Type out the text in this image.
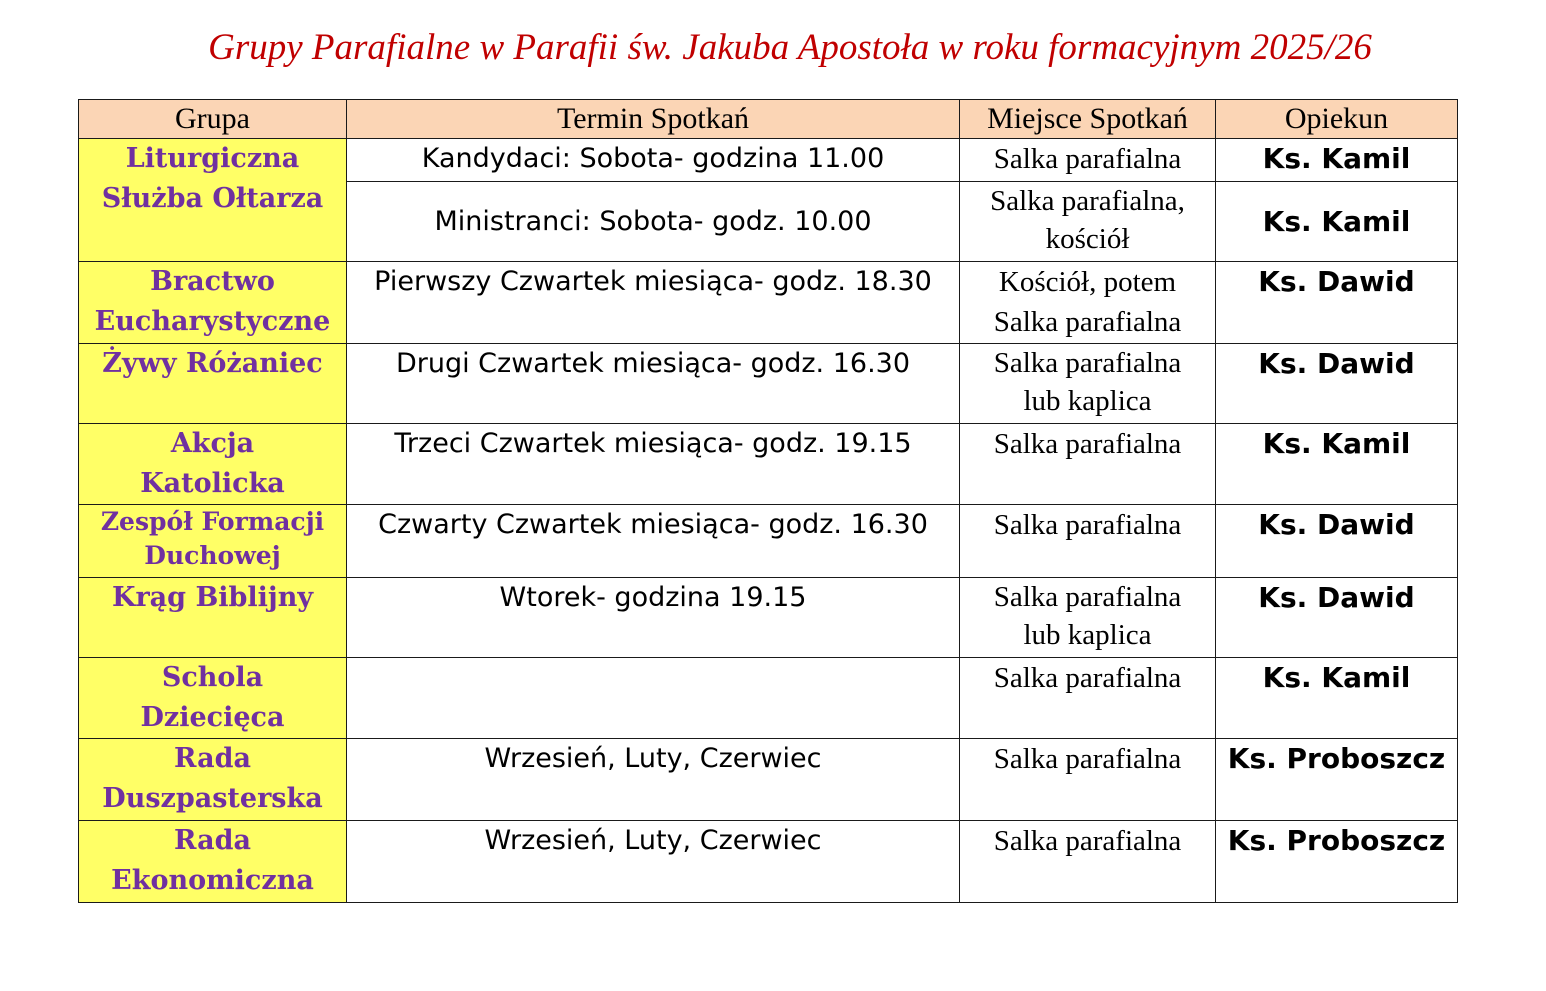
Grupy Parafialne w Parafii św. Jakuba Apostoła w roku formacyjnym 2025/26
Grupa	Termin Spotkań	Miejsce Spotkań	Opiekun

Liturgiczna Służba Ołtarza	Kandydaci: Sobota- godzina 11.00	Salka parafialna	Ks. Kamil

	Ministranci: Sobota- godz. 10.00	Salka parafialna, kościół	Ks. Kamil

Bractwo Eucharystyczne	Pierwszy Czwartek miesiąca- godz. 18.30	Kościół, potem Salka parafialna	Ks. Dawid

Żywy Różaniec	Drugi Czwartek miesiąca- godz. 16.30	Salka parafialna lub kaplica	Ks. Dawid

Akcja Katolicka	Trzeci Czwartek miesiąca- godz. 19.15	Salka parafialna	Ks. Kamil

Zespół Formacji Duchowej	Czwarty Czwartek miesiąca- godz. 16.30	Salka parafialna	Ks. Dawid

Krąg Biblijny	Wtorek- godzina 19.15	Salka parafialna lub kaplica	Ks. Dawid

Schola Dziecięca		Salka parafialna	Ks. Kamil

Rada Duszpasterska	Wrzesień, Luty, Czerwiec	Salka parafialna	Ks. Proboszcz

Rada Ekonomiczna	Wrzesień, Luty, Czerwiec	Salka parafialna	Ks. Proboszcz
